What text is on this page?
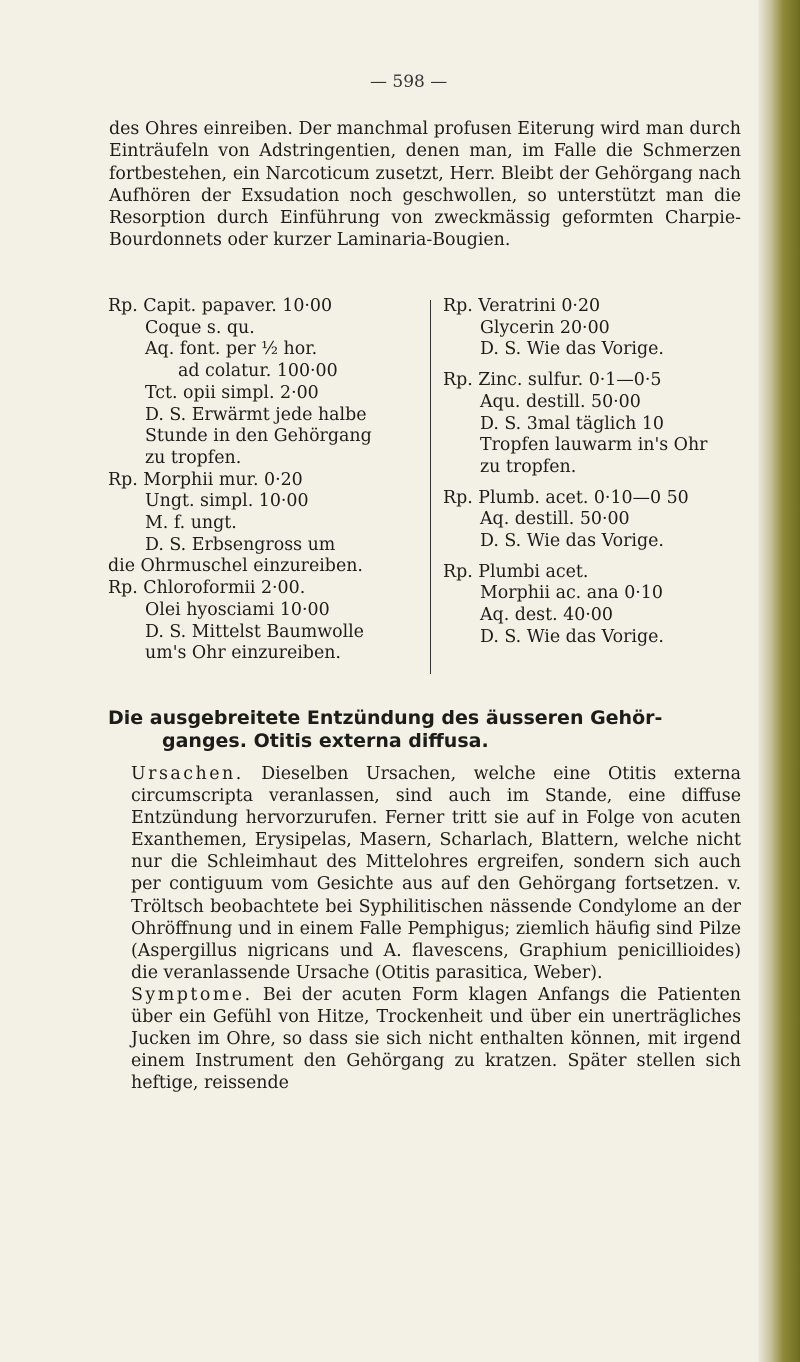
— 598 —
des Ohres einreiben. Der manchmal profusen Eiterung wird man durch Einträufeln von Adstringentien, denen man, im Falle die Schmerzen fortbestehen, ein Narcoticum zusetzt, Herr. Bleibt der Gehörgang nach Aufhören der Exsudation noch geschwollen, so unterstützt man die Resorption durch Einführung von zweckmässig geformten Charpie-Bourdonnets oder kurzer Laminaria-Bougien.
Rp. Capit. papaver. 10·00
Coque s. qu.
Aq. font. per ½ hor.
ad colatur. 100·00
Tct. opii simpl. 2·00
D. S. Erwärmt jede halbe
Stunde in den Gehörgang
zu tropfen.
Rp. Morphii mur. 0·20
Ungt. simpl. 10·00
M. f. ungt.
D. S. Erbsengross um
die Ohrmuschel einzureiben.
Rp. Chloroformii 2·00.
Olei hyosciami 10·00
D. S. Mittelst Baumwolle
um's Ohr einzureiben.
Rp. Veratrini 0·20
Glycerin 20·00
D. S. Wie das Vorige.
Rp. Zinc. sulfur. 0·1—0·5
Aqu. destill. 50·00
D. S. 3mal täglich 10
Tropfen lauwarm in's Ohr
zu tropfen.
Rp. Plumb. acet. 0·10—0 50
Aq. destill. 50·00
D. S. Wie das Vorige.
Rp. Plumbi acet.
Morphii ac. ana 0·10
Aq. dest. 40·00
D. S. Wie das Vorige.
Die ausgebreitete Entzündung des äusseren Gehör-
ganges. Otitis externa diffusa.

Ursachen. Dieselben Ursachen, welche eine Otitis externa circumscripta veranlassen, sind auch im Stande, eine diffuse Entzündung hervorzurufen. Ferner tritt sie auf in Folge von acuten Exanthemen, Erysipelas, Masern, Scharlach, Blattern, welche nicht nur die Schleimhaut des Mittelohres ergreifen, sondern sich auch per contiguum vom Gesichte aus auf den Gehörgang fortsetzen. v. Tröltsch beobachtete bei Syphilitischen nässende Condylome an der Ohröffnung und in einem Falle Pemphigus; ziemlich häufig sind Pilze (Aspergillus nigricans und A. flavescens, Graphium penicillioides) die veranlassende Ursache (Otitis parasitica, Weber).

Symptome. Bei der acuten Form klagen Anfangs die Patienten über ein Gefühl von Hitze, Trockenheit und über ein unerträgliches Jucken im Ohre, so dass sie sich nicht enthalten können, mit irgend einem Instrument den Gehörgang zu kratzen. Später stellen sich heftige, reissende
